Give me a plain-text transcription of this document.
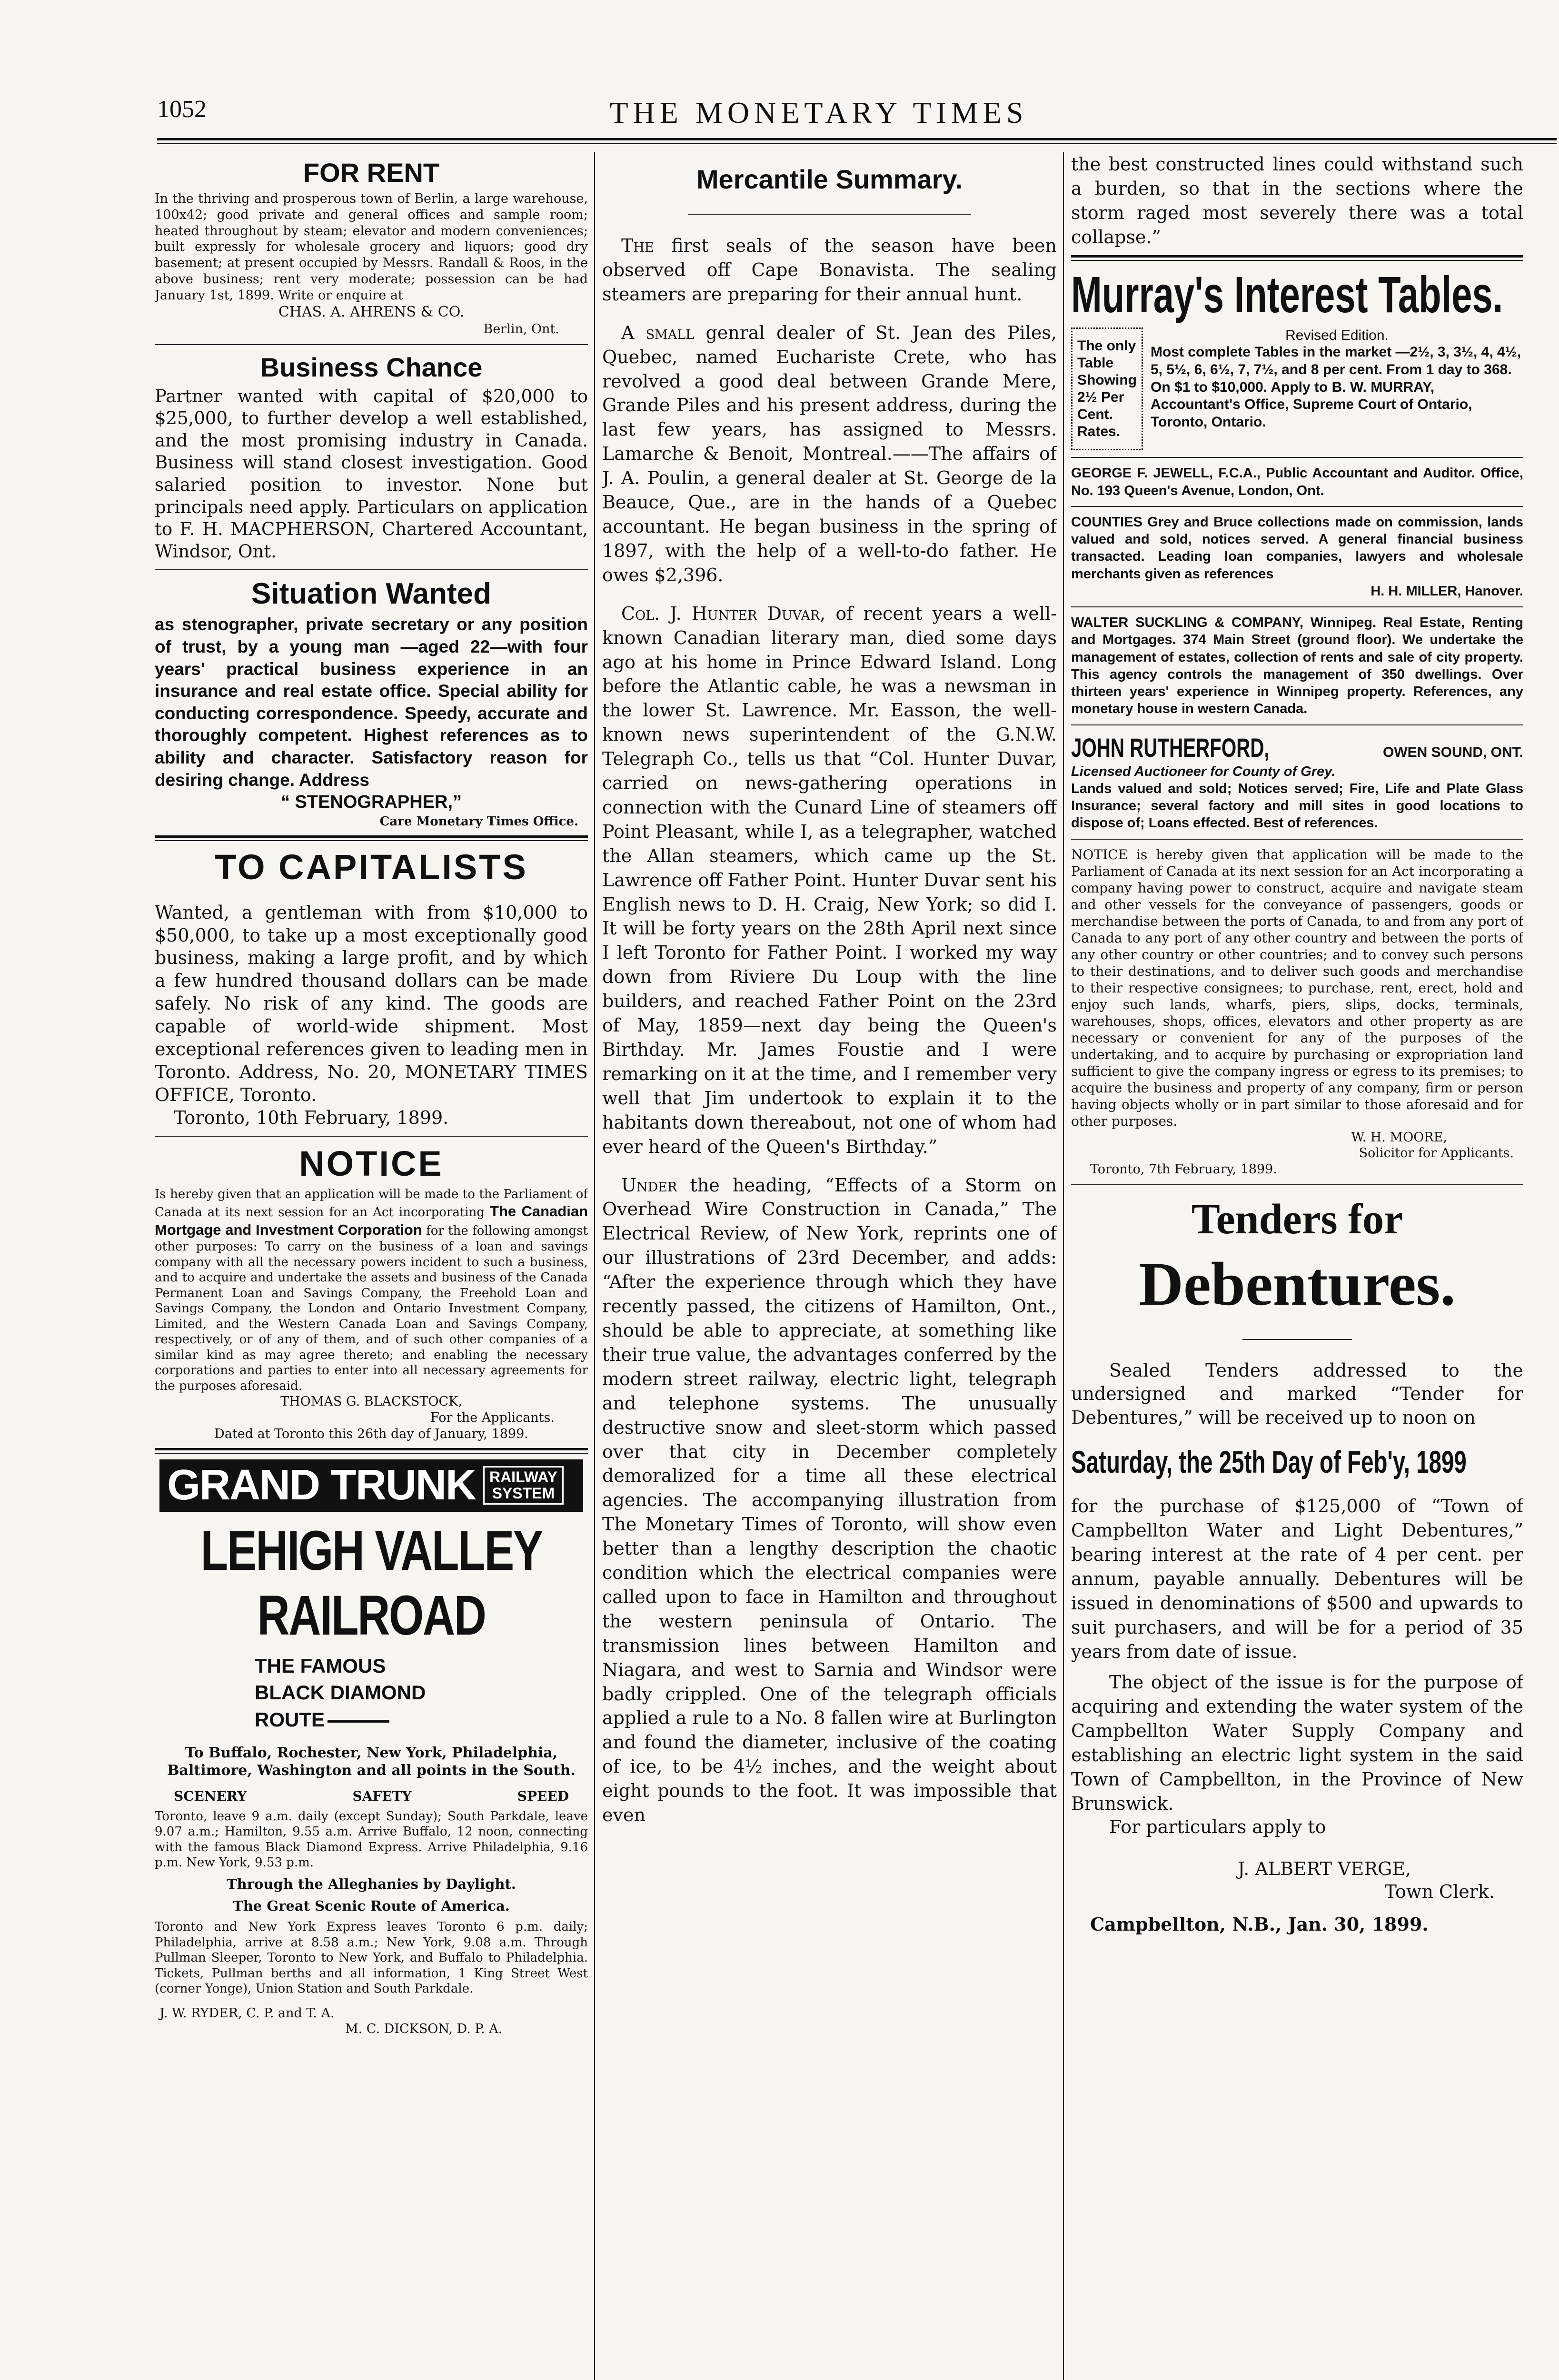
1052	THE MONETARY TIMES
FOR RENT

In the thriving and prosperous town of Berlin, a large warehouse, 100x42; good private and general offices and sample room; heated throughout by steam; elevator and modern conveniences; built expressly for wholesale grocery and liquors; good dry basement; at present occupied by Messrs. Randall & Roos, in the above business; rent very moderate; possession can be had January 1st, 1899. Write or enquire at

CHAS. A. AHRENS & CO.

Berlin, Ont.

Business Chance

Partner wanted with capital of $20,000 to $25,000, to further develop a well established, and the most promising industry in Canada. Business will stand closest investigation. Good salaried position to investor. None but principals need apply. Particulars on application to F. H. MACPHERSON, Chartered Accountant, Windsor, Ont.

Situation Wanted

as stenographer, private secretary or any position of trust, by a young man —aged 22—with four years' practical business experience in an insurance and real estate office. Special ability for conducting correspondence. Speedy, accurate and thoroughly competent. Highest references as to ability and character. Satisfactory reason for desiring change. Address

“ STENOGRAPHER,”

Care Monetary Times Office.

TO CAPITALISTS

Wanted, a gentleman with from $10,000 to $50,000, to take up a most exceptionally good business, making a large profit, and by which a few hundred thousand dollars can be made safely. No risk of any kind. The goods are capable of world-wide shipment. Most exceptional references given to leading men in Toronto. Address, No. 20, MONETARY TIMES OFFICE, Toronto.

Toronto, 10th February, 1899.

NOTICE

Is hereby given that an application will be made to the Parliament of Canada at its next session for an Act incorporating The Canadian Mortgage and Investment Corporation for the following amongst other purposes: To carry on the business of a loan and savings company with all the necessary powers incident to such a business, and to acquire and undertake the assets and business of the Canada Permanent Loan and Savings Company, the Freehold Loan and Savings Company, the London and Ontario Investment Company, Limited, and the Western Canada Loan and Savings Company, respectively, or of any of them, and of such other companies of a similar kind as may agree thereto; and enabling the necessary corporations and parties to enter into all necessary agreements for the purposes aforesaid.

THOMAS G. BLACKSTOCK,

For the Applicants.

Dated at Toronto this 26th day of January, 1899.

GRAND TRUNK RAILWAY
SYSTEM
LEHIGH VALLEY RAILROAD
THE FAMOUS
BLACK DIAMOND
ROUTE

To Buffalo, Rochester, New York, Philadelphia, Baltimore, Washington and all points in the South.

SCENERY	SAFETY	SPEED

Toronto, leave 9 a.m. daily (except Sunday); South Parkdale, leave 9.07 a.m.; Hamilton, 9.55 a.m. Arrive Buffalo, 12 noon, connecting with the famous Black Diamond Express. Arrive Philadelphia, 9.16 p.m. New York, 9.53 p.m.

Through the Alleghanies by Daylight.

The Great Scenic Route of America.

Toronto and New York Express leaves Toronto 6 p.m. daily; Philadelphia, arrive at 8.58 a.m.; New York, 9.08 a.m. Through Pullman Sleeper, Toronto to New York, and Buffalo to Philadelphia. Tickets, Pullman berths and all information, 1 King Street West (corner Yonge), Union Station and South Parkdale.

J. W. RYDER, C. P. and T. A.

M. C. DICKSON, D. P. A.

Mercantile Summary.

The first seals of the season have been observed off Cape Bonavista. The sealing steamers are preparing for their annual hunt.

A small genral dealer of St. Jean des Piles, Quebec, named Eucharistе Crete, who has revolved a good deal between Grande Mere, Grande Piles and his present address, during the last few years, has assigned to Messrs. Lamarche & Benoit, Montreal.——The affairs of J. A. Poulin, a general dealer at St. George de la Beauce, Que., are in the hands of a Quebec accountant. He began business in the spring of 1897, with the help of a well-to-do father. He owes $2,396.

Col. J. Hunter Duvar, of recent years a well-known Canadian literary man, died some days ago at his home in Prince Edward Island. Long before the Atlantic cable, he was a newsman in the lower St. Lawrence. Mr. Easson, the well-known news superintendent of the G.N.W. Telegraph Co., tells us that “Col. Hunter Duvar, carried on news-gathering operations in connection with the Cunard Line of steamers off Point Pleasant, while I, as a telegrapher, watched the Allan steamers, which came up the St. Lawrence off Father Point. Hunter Duvar sent his English news to D. H. Craig, New York; so did I. It will be forty years on the 28th April next since I left Toronto for Father Point. I worked my way down from Riviere Du Loup with the line builders, and reached Father Point on the 23rd of May, 1859—next day being the Queen's Birthday. Mr. James Foustie and I were remarking on it at the time, and I remember very well that Jim undertook to explain it to the habitants down thereabout, not one of whom had ever heard of the Queen's Birthday.”

Under the heading, “Effects of a Storm on Overhead Wire Construction in Canada,” The Electrical Review, of New York, reprints one of our illustrations of 23rd December, and adds: “After the experience through which they have recently passed, the citizens of Hamilton, Ont., should be able to appreciate, at something like their true value, the advantages conferred by the modern street railway, electric light, telegraph and telephone systems. The unusually destructive snow and sleet-storm which passed over that city in December completely demoralized for a time all these electrical agencies. The accompanying illustration from The Monetary Times of Toronto, will show even better than a lengthy description the chaotic condition which the electrical companies were called upon to face in Hamilton and throughout the western peninsula of Ontario. The transmission lines between Hamilton and Niagara, and west to Sarnia and Windsor were badly crippled. One of the telegraph officials applied a rule to a No. 8 fallen wire at Burlington and found the diameter, inclusive of the coating of ice, to be 4½ inches, and the weight about eight pounds to the foot. It was impossible that even

the best constructed lines could withstand such a burden, so that in the sections where the storm raged most severely there was a total collapse.”

Murray's Interest Tables.
The only Table Showing 2½ Per Cent. Rates.
Revised Edition.
Most complete Tables in the market —2½, 3, 3½, 4, 4½, 5, 5½, 6, 6½, 7, 7½, and 8 per cent. From 1 day to 368. On $1 to $10,000. Apply to B. W. MURRAY, Accountant's Office, Supreme Court of Ontario, Toronto, Ontario.

GEORGE F. JEWELL, F.C.A., Public Accountant and Auditor. Office, No. 193 Queen's Avenue, London, Ont.

COUNTIES Grey and Bruce collections made on commission, lands valued and sold, notices served. A general financial business transacted. Leading loan companies, lawyers and wholesale merchants given as references

H. H. MILLER, Hanover.

WALTER SUCKLING & COMPANY, Winnipeg. Real Estate, Renting and Mortgages. 374 Main Street (ground floor). We undertake the management of estates, collection of rents and sale of city property. This agency controls the management of 350 dwellings. Over thirteen years' experience in Winnipeg property. References, any monetary house in western Canada.

JOHN RUTHERFORD,	OWEN SOUND, ONT.

Licensed Auctioneer for County of Grey.

Lands valued and sold; Notices served; Fire, Life and Plate Glass Insurance; several factory and mill sites in good locations to dispose of; Loans effected. Best of references.

NOTICE is hereby given that application will be made to the Parliament of Canada at its next session for an Act incorporating a company having power to construct, acquire and navigate steam and other vessels for the conveyance of passengers, goods or merchandise between the ports of Canada, to and from any port of Canada to any port of any other country and between the ports of any other country or other countries; and to convey such persons to their destinations, and to deliver such goods and merchandise to their respective consignees; to purchase, rent, erect, hold and enjoy such lands, wharfs, piers, slips, docks, terminals, warehouses, shops, offices, elevators and other property as are necessary or convenient for any of the purposes of the undertaking, and to acquire by purchasing or expropriation land sufficient to give the company ingress or egress to its premises; to acquire the business and property of any company, firm or person having objects wholly or in part similar to those aforesaid and for other purposes.

W. H. MOORE,

Solicitor for Applicants.

Toronto, 7th February, 1899.

Tenders for
Debentures.

Sealed Tenders addressed to the undersigned and marked “Tender for Debentures,” will be received up to noon on

Saturday, the 25th Day of Feb'y, 1899

for the purchase of $125,000 of “Town of Campbellton Water and Light Debentures,” bearing interest at the rate of 4 per cent. per annum, payable annually. Debentures will be issued in denominations of $500 and upwards to suit purchasers, and will be for a period of 35 years from date of issue.

The object of the issue is for the purpose of acquiring and extending the water system of the Campbellton Water Supply Company and establishing an electric light system in the said Town of Campbellton, in the Province of New Brunswick.

For particulars apply to

J. ALBERT VERGE,

Town Clerk.

Campbellton, N.B., Jan. 30, 1899.
